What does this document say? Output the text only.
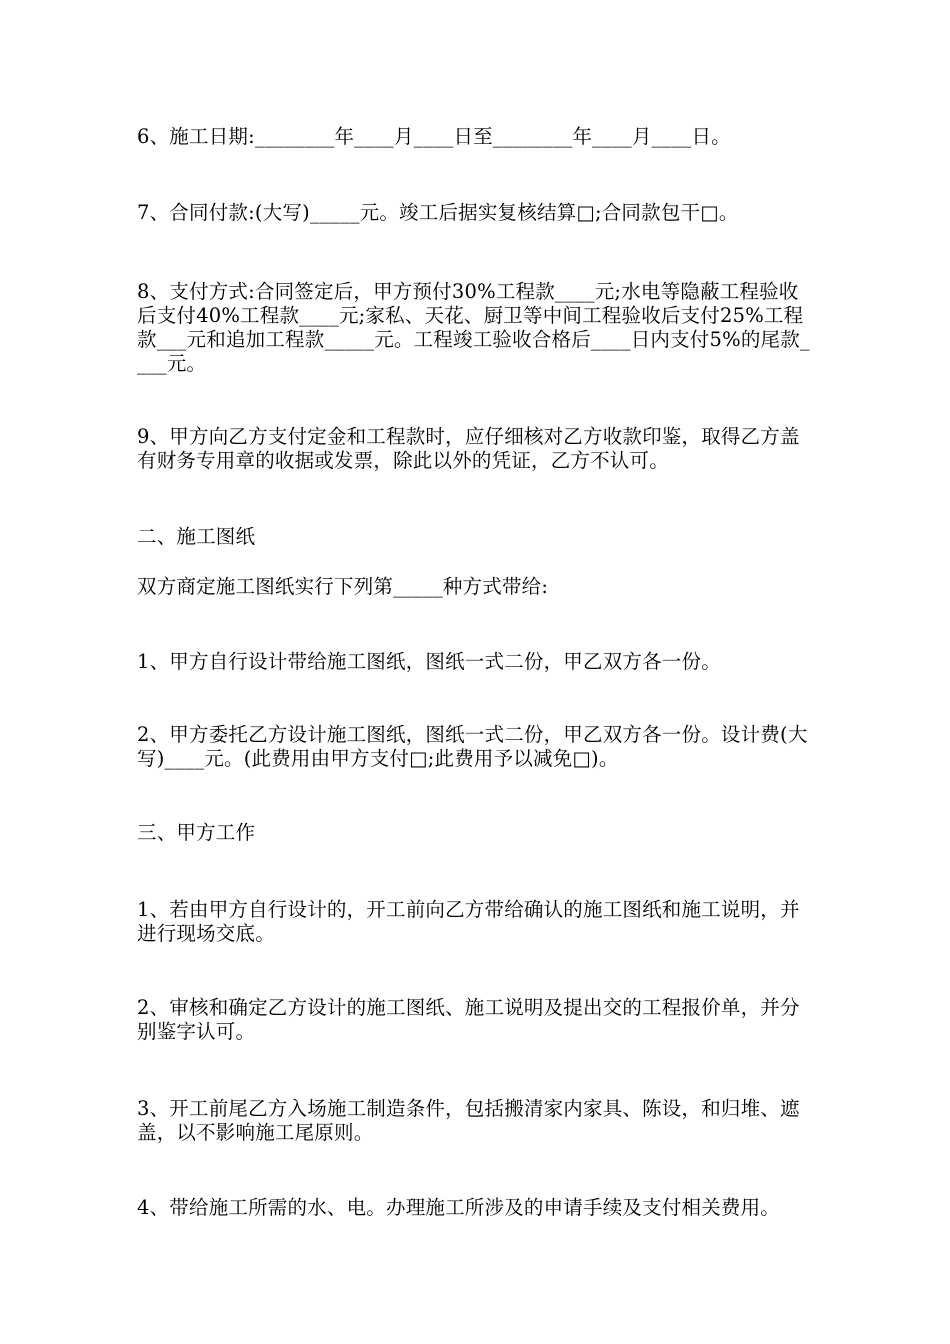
6、施工日期:________年____月____日至________年____月____日。

7、合同付款:(大写)_____元。竣工后据实复核结算□;合同款包干□。

8、支付方式:合同签定后，甲方预付30%工程款____元;水电等隐蔽工程验收后支付40%工程款____元;家私、天花、厨卫等中间工程验收后支付25%工程款___元和追加工程款_____元。工程竣工验收合格后____日内支付5%的尾款____元。

9、甲方向乙方支付定金和工程款时，应仔细核对乙方收款印鉴，取得乙方盖有财务专用章的收据或发票，除此以外的凭证，乙方不认可。

二、施工图纸

双方商定施工图纸实行下列第_____种方式带给:

1、甲方自行设计带给施工图纸，图纸一式二份，甲乙双方各一份。

2、甲方委托乙方设计施工图纸，图纸一式二份，甲乙双方各一份。设计费(大写)____元。(此费用由甲方支付□;此费用予以减免□)。

三、甲方工作

1、若由甲方自行设计的，开工前向乙方带给确认的施工图纸和施工说明，并进行现场交底。

2、审核和确定乙方设计的施工图纸、施工说明及提出交的工程报价单，并分别鉴字认可。

3、开工前尾乙方入场施工制造条件，包括搬清家内家具、陈设，和归堆、遮盖，以不影响施工尾原则。

4、带给施工所需的水、电。办理施工所涉及的申请手续及支付相关费用。
